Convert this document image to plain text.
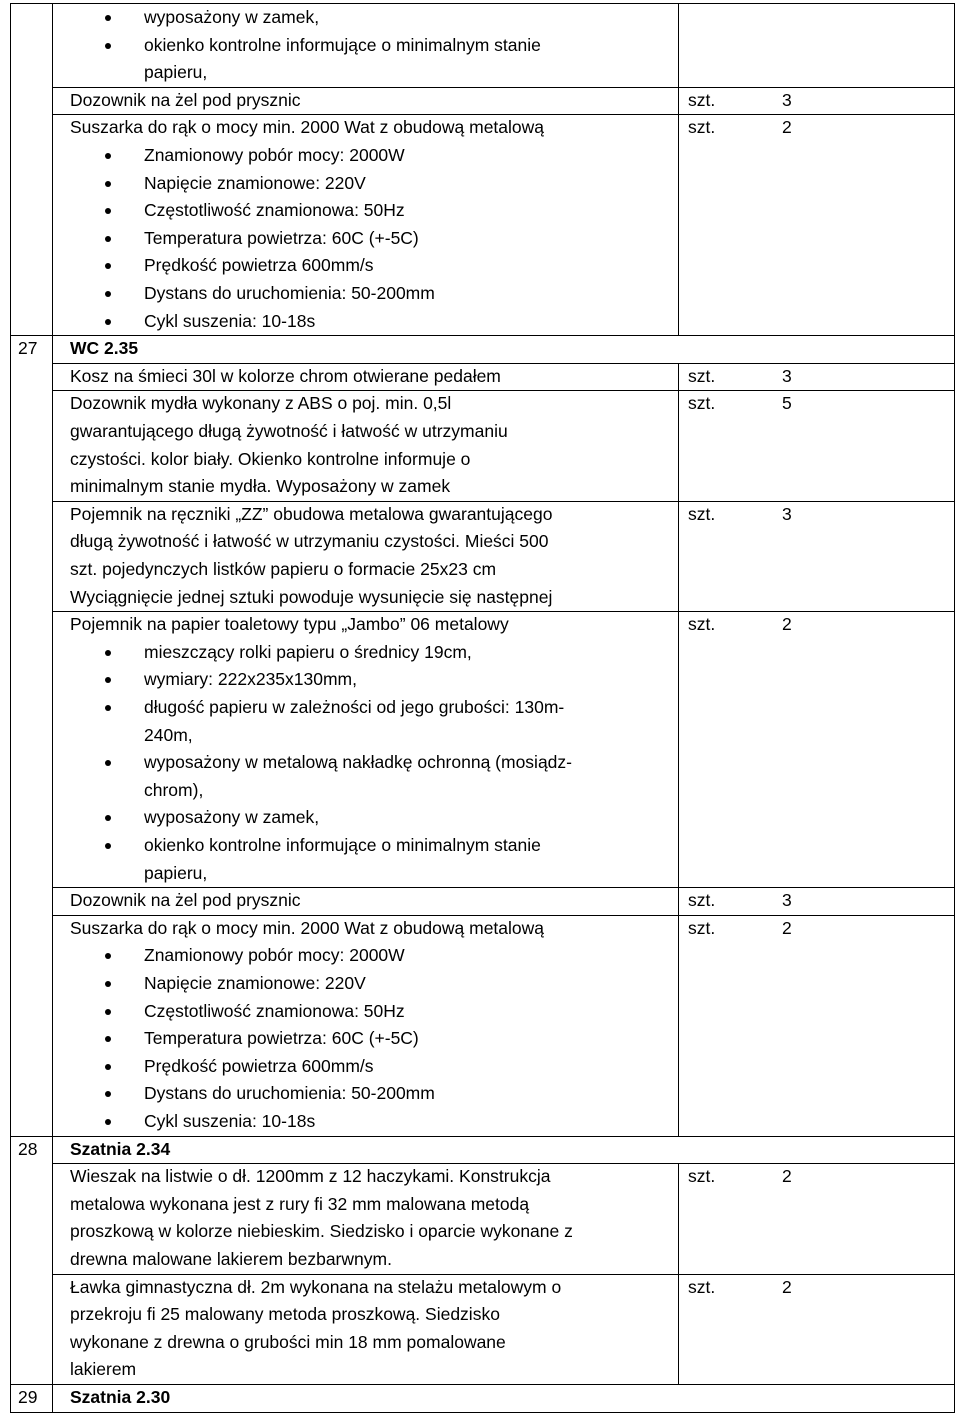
wyposażony w zamek,
okienko kontrolne informujące o minimalnym stanie
papieru,
Dozownik na żel pod prysznic	szt.	3
Suszarka do rąk o mocy min. 2000 Wat z obudową metalową
Znamionowy pobór mocy: 2000W
Napięcie znamionowe: 220V
Częstotliwość znamionowa: 50Hz
Temperatura powietrza: 60C (+-5C)
Prędkość powietrza 600mm/s
Dystans do uruchomienia: 50-200mm
Cykl suszenia: 10-18s
szt.	2
27 WC 2.35
Kosz na śmieci 30l w kolorze chrom otwierane pedałem	szt.	3
Dozownik mydła wykonany z ABS o poj. min. 0,5l
gwarantującego długą żywotność i łatwość w utrzymaniu
czystości. kolor biały. Okienko kontrolne informuje o
minimalnym stanie mydła. Wyposażony w zamek
szt.	5
Pojemnik na ręczniki „ZZ” obudowa metalowa gwarantującego
długą żywotność i łatwość w utrzymaniu czystości. Mieści 500
szt. pojedynczych listków papieru o formacie 25x23 cm
Wyciągnięcie jednej sztuki powoduje wysunięcie się następnej
szt.	3
Pojemnik na papier toaletowy typu „Jambo” 06 metalowy
mieszczący rolki papieru o średnicy 19cm,
wymiary: 222x235x130mm,
długość papieru w zależności od jego grubości: 130m-
240m,
wyposażony w metalową nakładkę ochronną (mosiądz-
chrom),
wyposażony w zamek,
okienko kontrolne informujące o minimalnym stanie
papieru,
szt.	2
Dozownik na żel pod prysznic	szt.	3
Suszarka do rąk o mocy min. 2000 Wat z obudową metalową
Znamionowy pobór mocy: 2000W
Napięcie znamionowe: 220V
Częstotliwość znamionowa: 50Hz
Temperatura powietrza: 60C (+-5C)
Prędkość powietrza 600mm/s
Dystans do uruchomienia: 50-200mm
Cykl suszenia: 10-18s
szt.	2
28 Szatnia 2.34
Wieszak na listwie o dł. 1200mm z 12 haczykami. Konstrukcja
metalowa wykonana jest z rury fi 32 mm malowana metodą
proszkową w kolorze niebieskim. Siedzisko i oparcie wykonane z
drewna malowane lakierem bezbarwnym.
szt.	2
Ławka gimnastyczna dł. 2m wykonana na stelażu metalowym o
przekroju fi 25 malowany metoda proszkową. Siedzisko
wykonane z drewna o grubości min 18 mm pomalowane
lakierem
szt.	2
29 Szatnia 2.30
